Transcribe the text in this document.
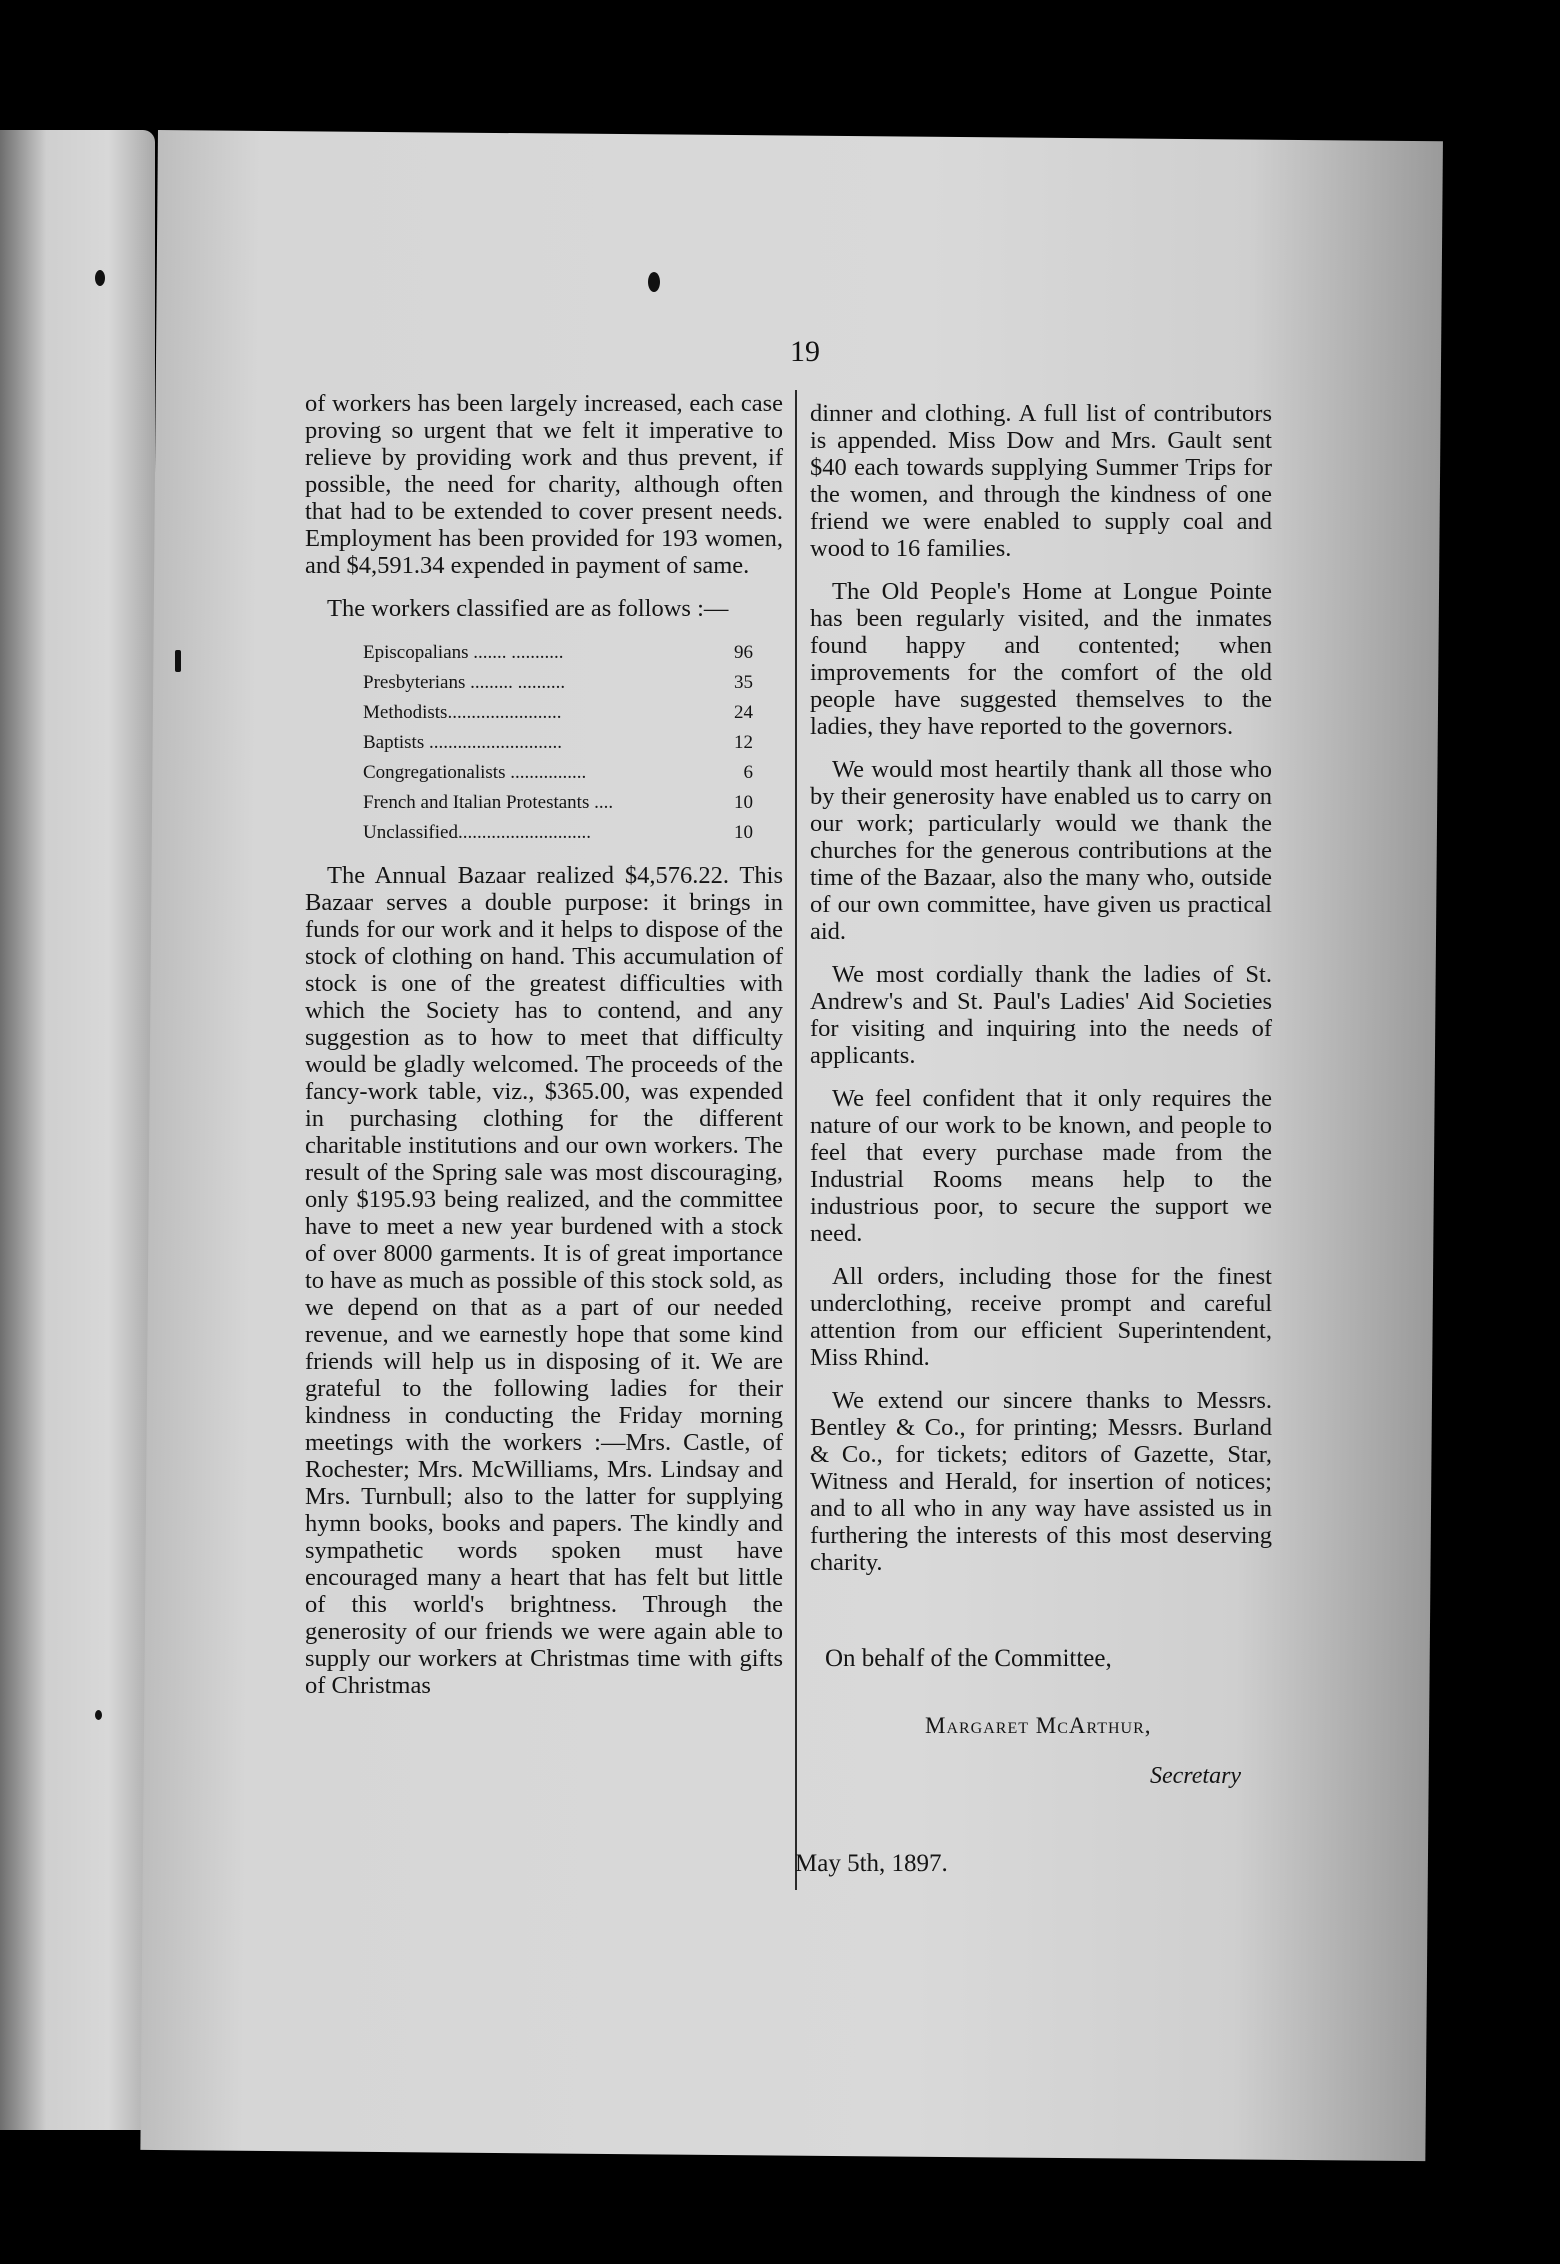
19

of workers has been largely increased, each case proving so urgent that we felt it imperative to relieve by providing work and thus prevent, if possible, the need for charity, although often that had to be extended to cover present needs. Employment has been provided for 193 women, and $4,591.34 expended in payment of same.

The workers classified are as follows :—

Episcopalians ....... ...........	96
Presbyterians ......... ..........	35
Methodists........................	24
Baptists ............................	12
Congregationalists ................	6
French and Italian Protestants ....	10
Unclassified............................	10

The Annual Bazaar realized $4,576.22. This Bazaar serves a double purpose: it brings in funds for our work and it helps to dispose of the stock of clothing on hand. This accumulation of stock is one of the greatest difficulties with which the Society has to contend, and any suggestion as to how to meet that difficulty would be gladly welcomed. The proceeds of the fancy-work table, viz., $365.00, was expended in purchasing clothing for the different charitable institutions and our own workers. The result of the Spring sale was most discouraging, only $195.93 being realized, and the committee have to meet a new year burdened with a stock of over 8000 garments. It is of great importance to have as much as possible of this stock sold, as we depend on that as a part of our needed revenue, and we earnestly hope that some kind friends will help us in disposing of it. We are grateful to the following ladies for their kindness in conducting the Friday morning meetings with the workers :—Mrs. Castle, of Rochester; Mrs. McWilliams, Mrs. Lindsay and Mrs. Turnbull; also to the latter for supplying hymn books, books and papers. The kindly and sympathetic words spoken must have encouraged many a heart that has felt but little of this world's brightness. Through the generosity of our friends we were again able to supply our workers at Christmas time with gifts of Christmas

dinner and clothing. A full list of contributors is appended. Miss Dow and Mrs. Gault sent $40 each towards supplying Summer Trips for the women, and through the kindness of one friend we were enabled to supply coal and wood to 16 families.

The Old People's Home at Longue Pointe has been regularly visited, and the inmates found happy and contented; when improvements for the comfort of the old people have suggested themselves to the ladies, they have reported to the governors.

We would most heartily thank all those who by their generosity have enabled us to carry on our work; particularly would we thank the churches for the generous contributions at the time of the Bazaar, also the many who, outside of our own committee, have given us practical aid.

We most cordially thank the ladies of St. Andrew's and St. Paul's Ladies' Aid Societies for visiting and inquiring into the needs of applicants.

We feel confident that it only requires the nature of our work to be known, and people to feel that every purchase made from the Industrial Rooms means help to the industrious poor, to secure the support we need.

All orders, including those for the finest underclothing, receive prompt and careful attention from our efficient Superintendent, Miss Rhind.

We extend our sincere thanks to Messrs. Bentley & Co., for printing; Messrs. Burland & Co., for tickets; editors of Gazette, Star, Witness and Herald, for insertion of notices; and to all who in any way have assisted us in furthering the interests of this most deserving charity.

On behalf of the Committee,
Margaret McArthur,
Secretary
May 5th, 1897.
